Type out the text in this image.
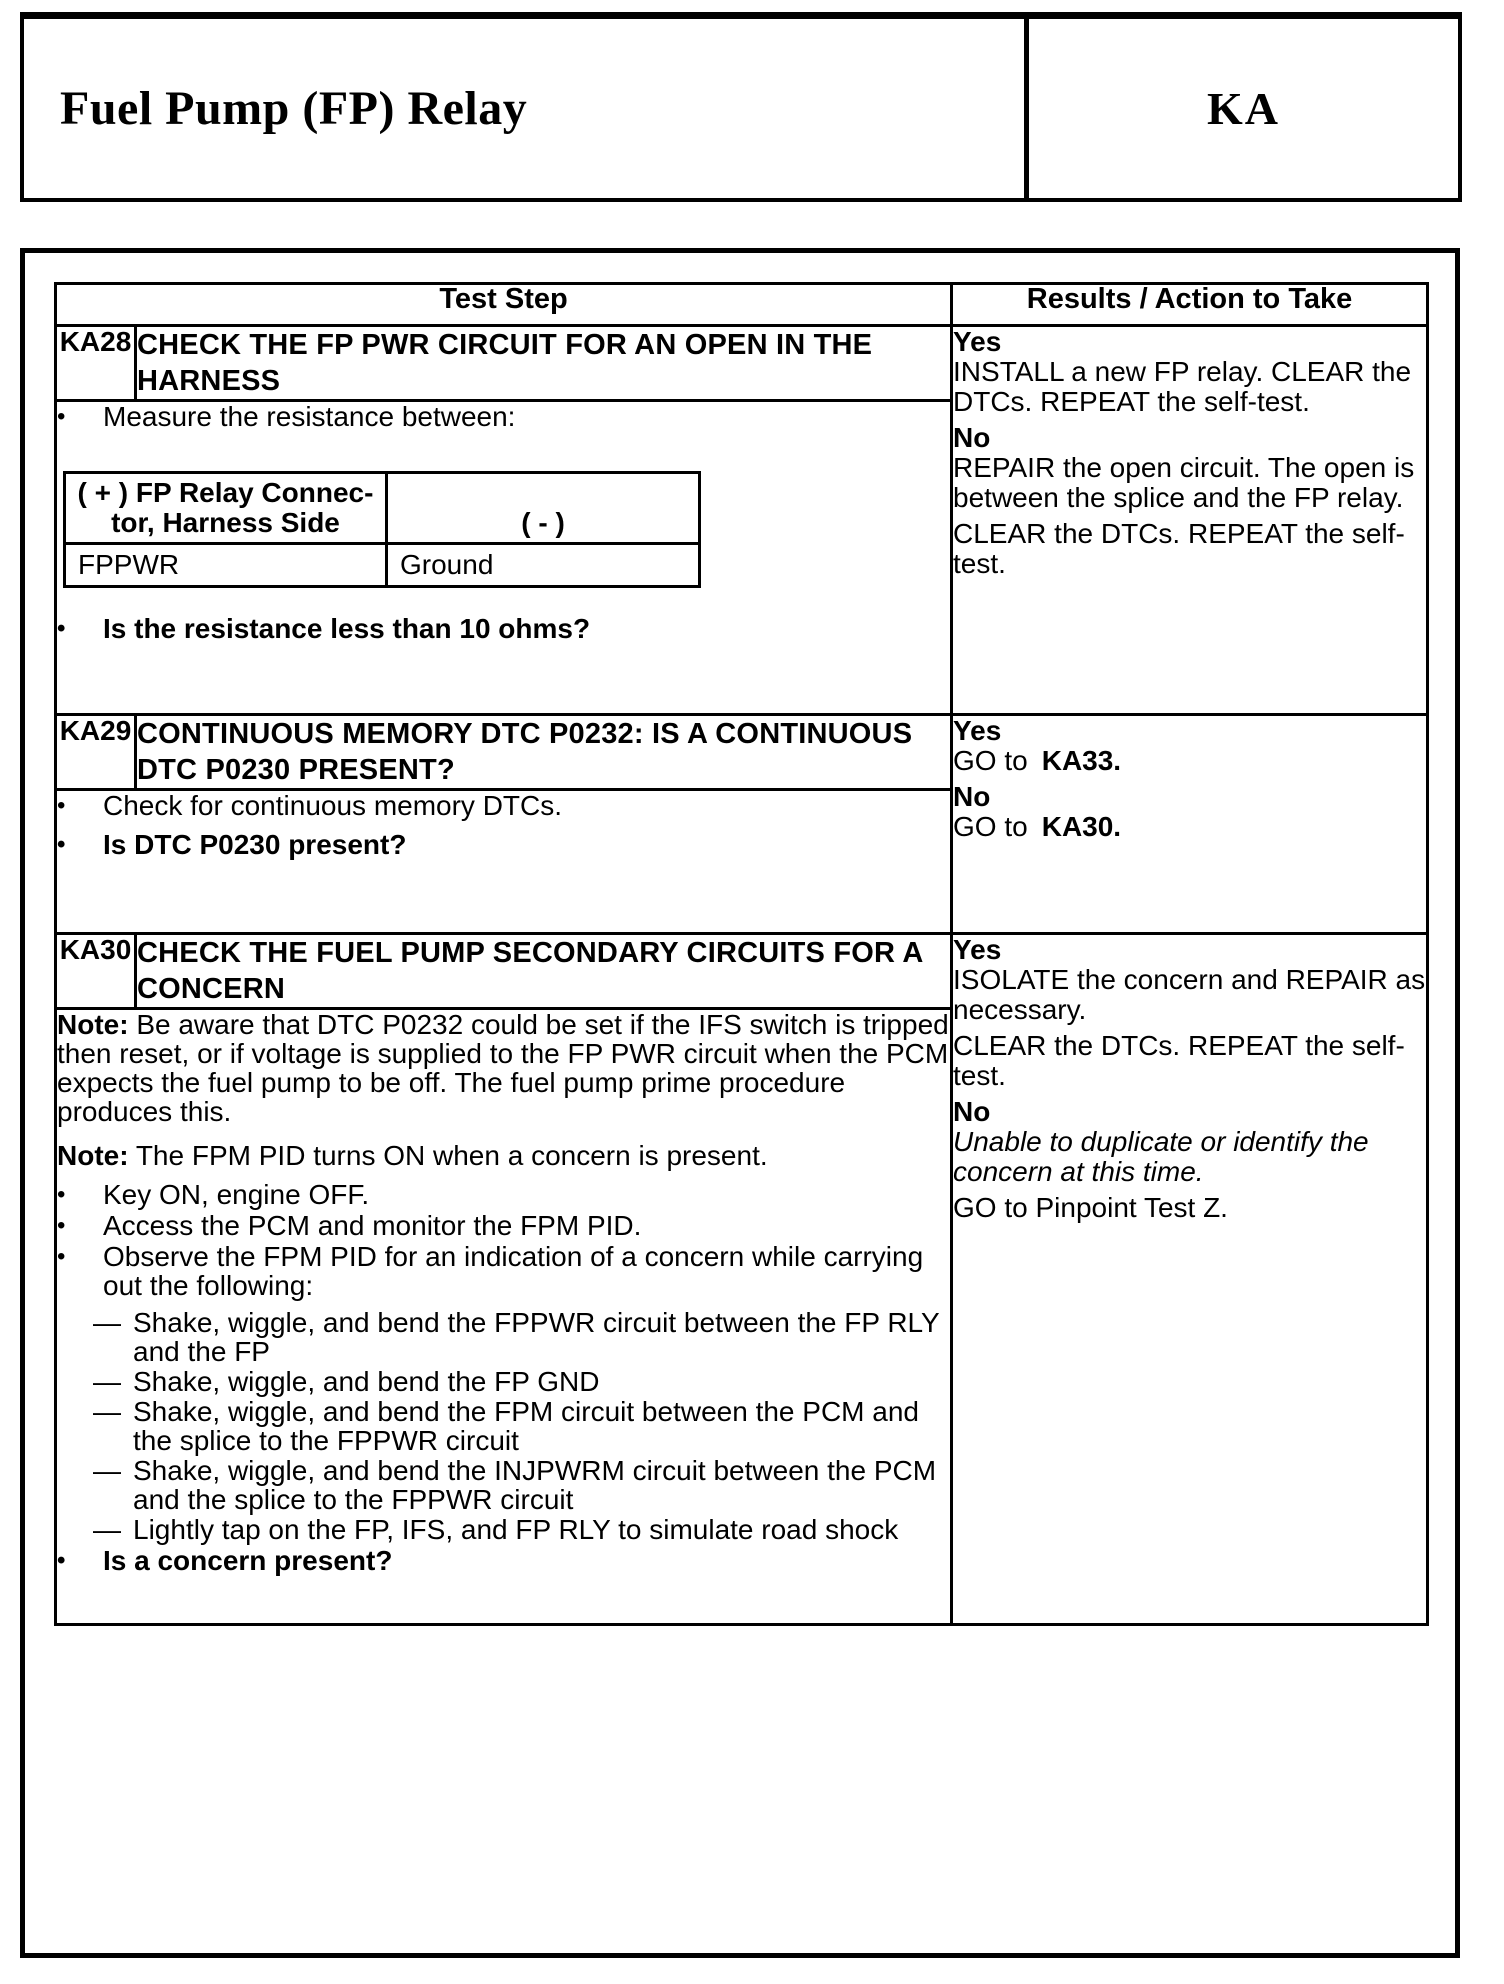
Fuel Pump (FP) Relay	KA
Test Step	Results / Action to Take
KA28	CHECK THE FP PWR CIRCUIT FOR AN OPEN IN THE HARNESS	
Yes

INSTALL a new FP relay. CLEAR the DTCs. REPEAT the self-test.

No

REPAIR the open circuit. The open is between the splice and the FP relay.

CLEAR the DTCs. REPEAT the self-test.

•	Measure the resistance between:
( + ) FP Relay Connec-
tor, Harness Side	( - )
FPPWR	Ground
•	Is the resistance less than 10 ohms?

KA29	CONTINUOUS MEMORY DTC P0232: IS A CONTINUOUS DTC P0230 PRESENT?	
Yes

GO to KA33.

No

GO to KA30.

•	Check for continuous memory DTCs.
•	Is DTC P0230 present?

KA30	CHECK THE FUEL PUMP SECONDARY CIRCUITS FOR A CONCERN	
Yes

ISOLATE the concern and REPAIR as necessary.

CLEAR the DTCs. REPEAT the self-test.

No

Unable to duplicate or identify the concern at this time.

GO to Pinpoint Test Z.

Note: Be aware that DTC P0232 could be set if the IFS switch is tripped then reset, or if voltage is supplied to the FP PWR circuit when the PCM expects the fuel pump to be off. The fuel pump prime procedure produces this.

Note: The FPM PID turns ON when a concern is present.

•	Key ON, engine OFF.
•	Access the PCM and monitor the FPM PID.
•	Observe the FPM PID for an indication of a concern while carrying out the following:
— Shake, wiggle, and bend the FPPWR circuit between the FP RLY and the FP
— Shake, wiggle, and bend the FP GND
— Shake, wiggle, and bend the FPM circuit between the PCM and the splice to the FPPWR circuit
— Shake, wiggle, and bend the INJPWRM circuit between the PCM and the splice to the FPPWR circuit
— Lightly tap on the FP, IFS, and FP RLY to simulate road shock
•	Is a concern present?
